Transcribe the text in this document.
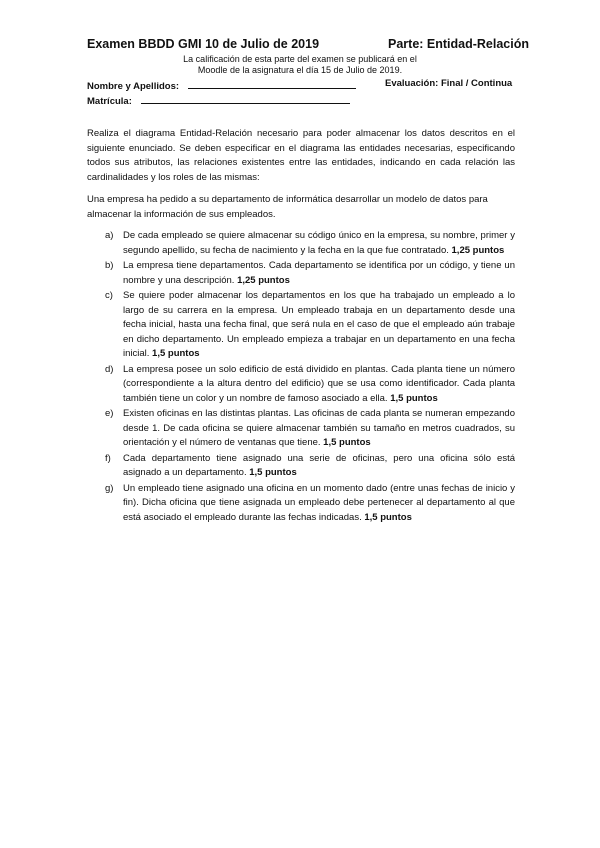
Examen BBDD GMI 10 de Julio de 2019	Parte: Entidad-Relación
La calificación de esta parte del examen se publicará en el
Moodle de la asignatura el día 15 de Julio de 2019.
Nombre y Apellidos:	Evaluación: Final / Continua
Matrícula:

Realiza el diagrama Entidad-Relación necesario para poder almacenar los datos descritos en el siguiente enunciado. Se deben especificar en el diagrama las entidades necesarias, especificando todos sus atributos, las relaciones existentes entre las entidades, indicando en cada relación las cardinalidades y los roles de las mismas:

Una empresa ha pedido a su departamento de informática desarrollar un modelo de datos para almacenar la información de sus empleados.

a)	De cada empleado se quiere almacenar su código único en la empresa, su nombre, primer y segundo apellido, su fecha de nacimiento y la fecha en la que fue contratado. 1,25 puntos
b)	La empresa tiene departamentos. Cada departamento se identifica por un código, y tiene un nombre y una descripción. 1,25 puntos
c)	Se quiere poder almacenar los departamentos en los que ha trabajado un empleado a lo largo de su carrera en la empresa. Un empleado trabaja en un departamento desde una fecha inicial, hasta una fecha final, que será nula en el caso de que el empleado aún trabaje en dicho departamento. Un empleado empieza a trabajar en un departamento en una fecha inicial. 1,5 puntos
d)	La empresa posee un solo edificio de está dividido en plantas. Cada planta tiene un número (correspondiente a la altura dentro del edificio) que se usa como identificador. Cada planta también tiene un color y un nombre de famoso asociado a ella. 1,5 puntos
e)	Existen oficinas en las distintas plantas. Las oficinas de cada planta se numeran empezando desde 1. De cada oficina se quiere almacenar también su tamaño en metros cuadrados, su orientación y el número de ventanas que tiene. 1,5 puntos
f)	Cada departamento tiene asignado una serie de oficinas, pero una oficina sólo está asignado a un departamento. 1,5 puntos
g)	Un empleado tiene asignado una oficina en un momento dado (entre unas fechas de inicio y fin). Dicha oficina que tiene asignada un empleado debe pertenecer al departamento al que está asociado el empleado durante las fechas indicadas. 1,5 puntos
